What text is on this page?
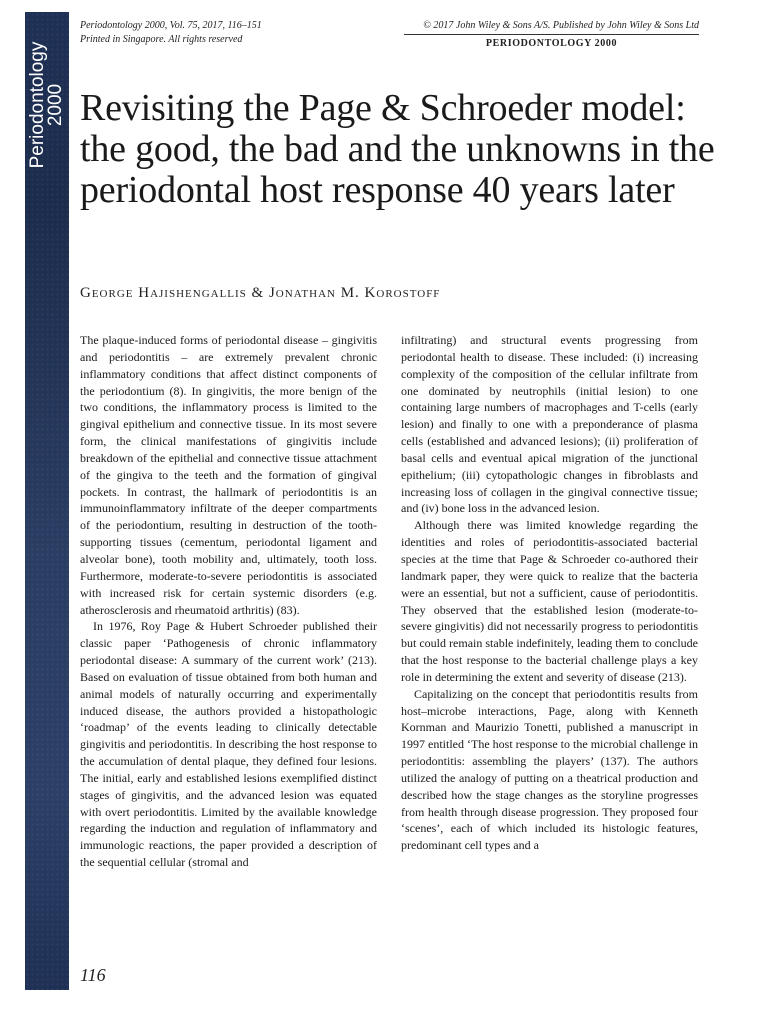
Periodontology
2000
Periodontology 2000, Vol. 75, 2017, 116–151
Printed in Singapore. All rights reserved
© 2017 John Wiley & Sons A/S. Published by John Wiley & Sons Ltd
PERIODONTOLOGY 2000
Revisiting the Page & Schroeder model: the good, the bad and the unknowns in the periodontal host response 40 years later
George Hajishengallis & Jonathan M. Korostoff

The plaque-induced forms of periodontal disease – gingivitis and periodontitis – are extremely prevalent chronic inflammatory conditions that affect distinct components of the periodontium (8). In gingivitis, the more benign of the two conditions, the inflammatory process is limited to the gingival epithelium and connective tissue. In its most severe form, the clinical manifestations of gingivitis include breakdown of the epithelial and connective tissue attachment of the gingiva to the teeth and the formation of gingival pockets. In contrast, the hallmark of periodontitis is an immunoinflammatory infiltrate of the deeper compartments of the periodontium, resulting in destruction of the tooth-supporting tissues (cementum, periodontal ligament and alveolar bone), tooth mobility and, ultimately, tooth loss. Furthermore, moderate-to-severe periodontitis is associated with increased risk for certain systemic disorders (e.g. atherosclerosis and rheumatoid arthritis) (83).

In 1976, Roy Page & Hubert Schroeder published their classic paper ‘Pathogenesis of chronic inflammatory periodontal disease: A summary of the current work’ (213). Based on evaluation of tissue obtained from both human and animal models of naturally occurring and experimentally induced disease, the authors provided a histopathologic ‘roadmap’ of the events leading to clinically detectable gingivitis and periodontitis. In describing the host response to the accumulation of dental plaque, they defined four lesions. The initial, early and established lesions exemplified distinct stages of gingivitis, and the advanced lesion was equated with overt periodontitis. Limited by the available knowledge regarding the induction and regulation of inflammatory and immunologic reactions, the paper provided a description of the sequential cellular (stromal and

infiltrating) and structural events progressing from periodontal health to disease. These included: (i) increasing complexity of the composition of the cellular infiltrate from one dominated by neutrophils (initial lesion) to one containing large numbers of macrophages and T-cells (early lesion) and finally to one with a preponderance of plasma cells (established and advanced lesions); (ii) proliferation of basal cells and eventual apical migration of the junctional epithelium; (iii) cytopathologic changes in fibroblasts and increasing loss of collagen in the gingival connective tissue; and (iv) bone loss in the advanced lesion.

Although there was limited knowledge regarding the identities and roles of periodontitis-associated bacterial species at the time that Page & Schroeder co-authored their landmark paper, they were quick to realize that the bacteria were an essential, but not a sufficient, cause of periodontitis. They observed that the established lesion (moderate-to-severe gingivitis) did not necessarily progress to periodontitis but could remain stable indefinitely, leading them to conclude that the host response to the bacterial challenge plays a key role in determining the extent and severity of disease (213).

Capitalizing on the concept that periodontitis results from host–microbe interactions, Page, along with Kenneth Kornman and Maurizio Tonetti, published a manuscript in 1997 entitled ‘The host response to the microbial challenge in periodontitis: assembling the players’ (137). The authors utilized the analogy of putting on a theatrical production and described how the stage changes as the storyline progresses from health through disease progression. They proposed four ‘scenes’, each of which included its histologic features, predominant cell types and a

116
